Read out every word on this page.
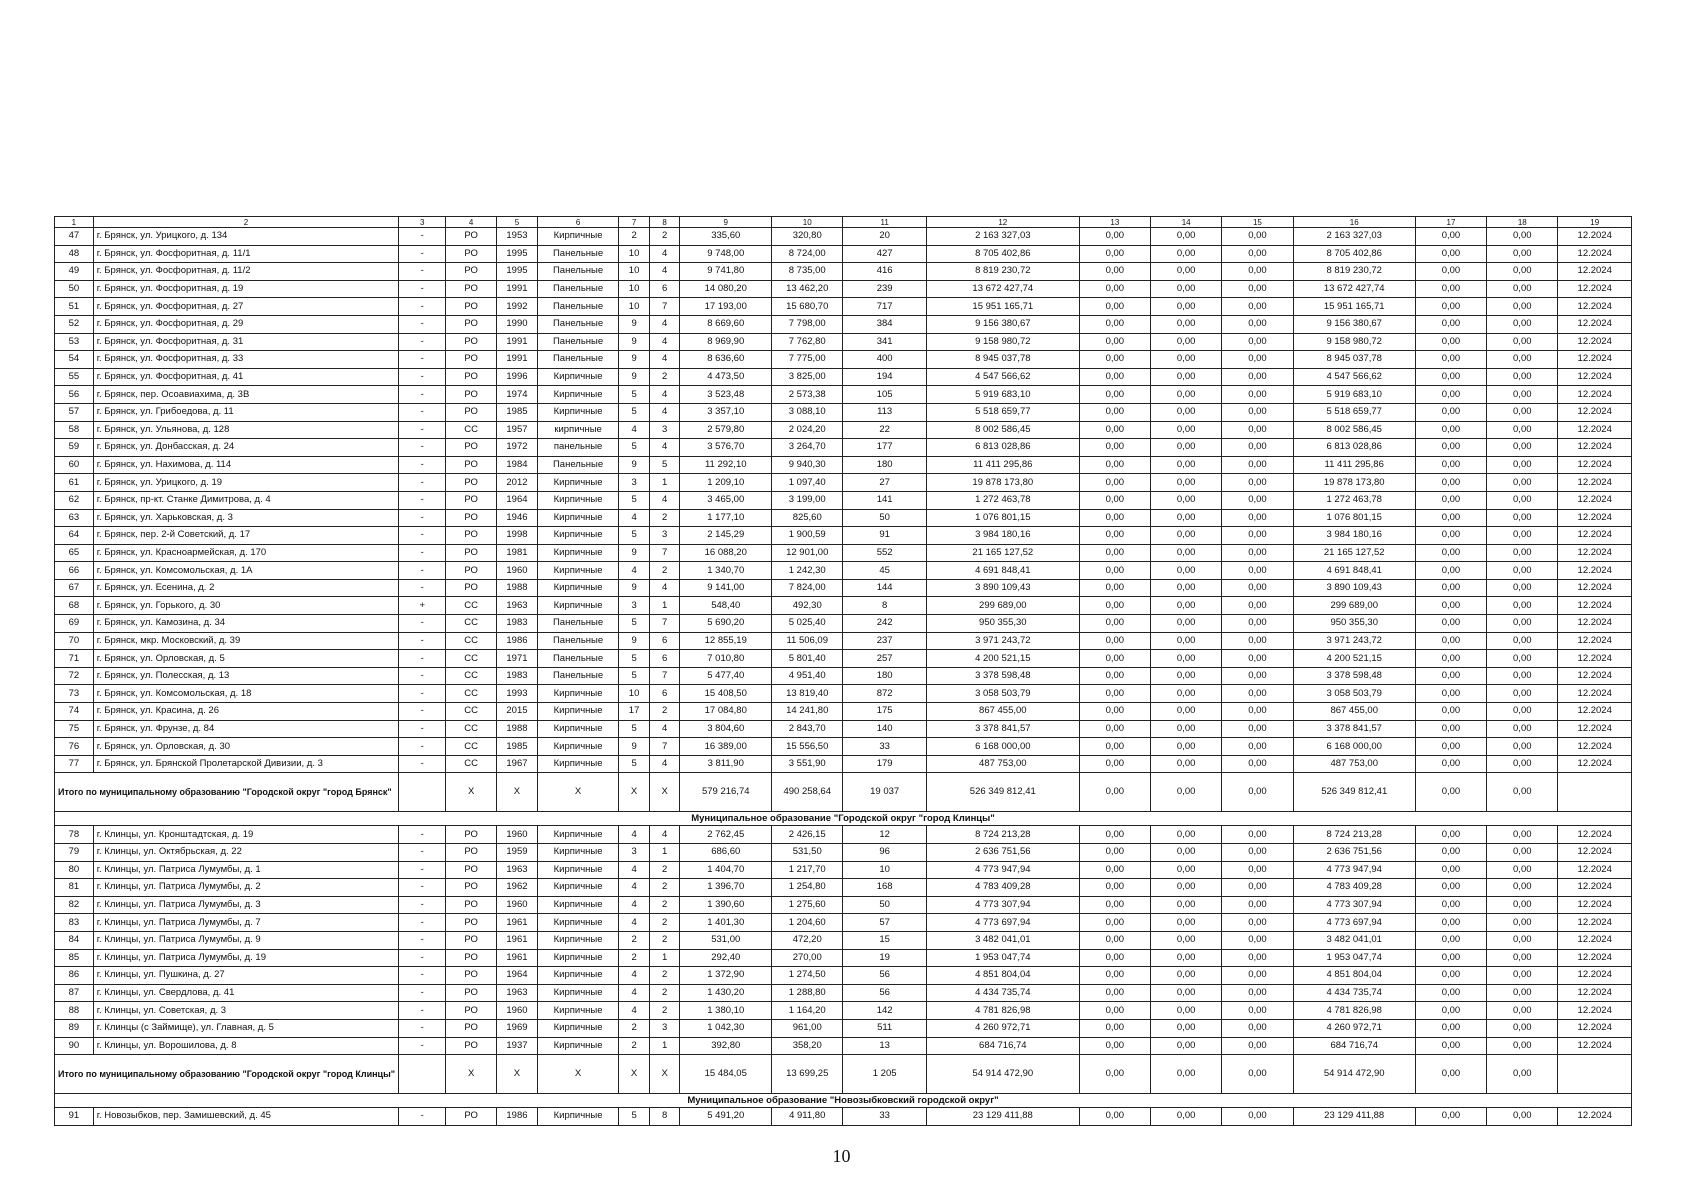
1	2	3	4	5	6	7	8	9	10	11	12	13	14	15	16	17	18	19
47	г. Брянск, ул. Урицкого, д. 134	-	РО	1953	Кирпичные	2	2	335,60	320,80	20	2 163 327,03	0,00	0,00	0,00	2 163 327,03	0,00	0,00	12.2024
48	г. Брянск, ул. Фосфоритная, д. 11/1	-	РО	1995	Панельные	10	4	9 748,00	8 724,00	427	8 705 402,86	0,00	0,00	0,00	8 705 402,86	0,00	0,00	12.2024
49	г. Брянск, ул. Фосфоритная, д. 11/2	-	РО	1995	Панельные	10	4	9 741,80	8 735,00	416	8 819 230,72	0,00	0,00	0,00	8 819 230,72	0,00	0,00	12.2024
50	г. Брянск, ул. Фосфоритная, д. 19	-	РО	1991	Панельные	10	6	14 080,20	13 462,20	239	13 672 427,74	0,00	0,00	0,00	13 672 427,74	0,00	0,00	12.2024
51	г. Брянск, ул. Фосфоритная, д. 27	-	РО	1992	Панельные	10	7	17 193,00	15 680,70	717	15 951 165,71	0,00	0,00	0,00	15 951 165,71	0,00	0,00	12.2024
52	г. Брянск, ул. Фосфоритная, д. 29	-	РО	1990	Панельные	9	4	8 669,60	7 798,00	384	9 156 380,67	0,00	0,00	0,00	9 156 380,67	0,00	0,00	12.2024
53	г. Брянск, ул. Фосфоритная, д. 31	-	РО	1991	Панельные	9	4	8 969,90	7 762,80	341	9 158 980,72	0,00	0,00	0,00	9 158 980,72	0,00	0,00	12.2024
54	г. Брянск, ул. Фосфоритная, д. 33	-	РО	1991	Панельные	9	4	8 636,60	7 775,00	400	8 945 037,78	0,00	0,00	0,00	8 945 037,78	0,00	0,00	12.2024
55	г. Брянск, ул. Фосфоритная, д. 41	-	РО	1996	Кирпичные	9	2	4 473,50	3 825,00	194	4 547 566,62	0,00	0,00	0,00	4 547 566,62	0,00	0,00	12.2024
56	г. Брянск, пер. Осоавиахима, д. 3В	-	РО	1974	Кирпичные	5	4	3 523,48	2 573,38	105	5 919 683,10	0,00	0,00	0,00	5 919 683,10	0,00	0,00	12.2024
57	г. Брянск, ул. Грибоедова, д. 11	-	РО	1985	Кирпичные	5	4	3 357,10	3 088,10	113	5 518 659,77	0,00	0,00	0,00	5 518 659,77	0,00	0,00	12.2024
58	г. Брянск, ул. Ульянова, д. 128	-	СС	1957	кирпичные	4	3	2 579,80	2 024,20	22	8 002 586,45	0,00	0,00	0,00	8 002 586,45	0,00	0,00	12.2024
59	г. Брянск, ул. Донбасская, д. 24	-	РО	1972	панельные	5	4	3 576,70	3 264,70	177	6 813 028,86	0,00	0,00	0,00	6 813 028,86	0,00	0,00	12.2024
60	г. Брянск, ул. Нахимова, д. 114	-	РО	1984	Панельные	9	5	11 292,10	9 940,30	180	11 411 295,86	0,00	0,00	0,00	11 411 295,86	0,00	0,00	12.2024
61	г. Брянск, ул. Урицкого, д. 19	-	РО	2012	Кирпичные	3	1	1 209,10	1 097,40	27	19 878 173,80	0,00	0,00	0,00	19 878 173,80	0,00	0,00	12.2024
62	г. Брянск, пр-кт. Станке Димитрова, д. 4	-	РО	1964	Кирпичные	5	4	3 465,00	3 199,00	141	1 272 463,78	0,00	0,00	0,00	1 272 463,78	0,00	0,00	12.2024
63	г. Брянск, ул. Харьковская, д. 3	-	РО	1946	Кирпичные	4	2	1 177,10	825,60	50	1 076 801,15	0,00	0,00	0,00	1 076 801,15	0,00	0,00	12.2024
64	г. Брянск, пер. 2-й Советский, д. 17	-	РО	1998	Кирпичные	5	3	2 145,29	1 900,59	91	3 984 180,16	0,00	0,00	0,00	3 984 180,16	0,00	0,00	12.2024
65	г. Брянск, ул. Красноармейская, д. 170	-	РО	1981	Кирпичные	9	7	16 088,20	12 901,00	552	21 165 127,52	0,00	0,00	0,00	21 165 127,52	0,00	0,00	12.2024
66	г. Брянск, ул. Комсомольская, д. 1А	-	РО	1960	Кирпичные	4	2	1 340,70	1 242,30	45	4 691 848,41	0,00	0,00	0,00	4 691 848,41	0,00	0,00	12.2024
67	г. Брянск, ул. Есенина, д. 2	-	РО	1988	Кирпичные	9	4	9 141,00	7 824,00	144	3 890 109,43	0,00	0,00	0,00	3 890 109,43	0,00	0,00	12.2024
68	г. Брянск, ул. Горького, д. 30	+	СС	1963	Кирпичные	3	1	548,40	492,30	8	299 689,00	0,00	0,00	0,00	299 689,00	0,00	0,00	12.2024
69	г. Брянск, ул. Камозина, д. 34	-	СС	1983	Панельные	5	7	5 690,20	5 025,40	242	950 355,30	0,00	0,00	0,00	950 355,30	0,00	0,00	12.2024
70	г. Брянск, мкр. Московский, д. 39	-	СС	1986	Панельные	9	6	12 855,19	11 506,09	237	3 971 243,72	0,00	0,00	0,00	3 971 243,72	0,00	0,00	12.2024
71	г. Брянск, ул. Орловская, д. 5	-	СС	1971	Панельные	5	6	7 010,80	5 801,40	257	4 200 521,15	0,00	0,00	0,00	4 200 521,15	0,00	0,00	12.2024
72	г. Брянск, ул. Полесская, д. 13	-	СС	1983	Панельные	5	7	5 477,40	4 951,40	180	3 378 598,48	0,00	0,00	0,00	3 378 598,48	0,00	0,00	12.2024
73	г. Брянск, ул. Комсомольская, д. 18	-	СС	1993	Кирпичные	10	6	15 408,50	13 819,40	872	3 058 503,79	0,00	0,00	0,00	3 058 503,79	0,00	0,00	12.2024
74	г. Брянск, ул. Красина, д. 26	-	СС	2015	Кирпичные	17	2	17 084,80	14 241,80	175	867 455,00	0,00	0,00	0,00	867 455,00	0,00	0,00	12.2024
75	г. Брянск, ул. Фрунзе, д. 84	-	СС	1988	Кирпичные	5	4	3 804,60	2 843,70	140	3 378 841,57	0,00	0,00	0,00	3 378 841,57	0,00	0,00	12.2024
76	г. Брянск, ул. Орловская, д. 30	-	СС	1985	Кирпичные	9	7	16 389,00	15 556,50	33	6 168 000,00	0,00	0,00	0,00	6 168 000,00	0,00	0,00	12.2024
77	г. Брянск, ул. Брянской Пролетарской Дивизии, д. 3	-	СС	1967	Кирпичные	5	4	3 811,90	3 551,90	179	487 753,00	0,00	0,00	0,00	487 753,00	0,00	0,00	12.2024
Итого по муниципальному образованию "Городской округ "город Брянск"			Х	Х	Х	Х	Х	579 216,74	490 258,64	19 037	526 349 812,41	0,00	0,00	0,00	526 349 812,41	0,00	0,00	
Муниципальное образование "Городской округ "город Клинцы"																		
78	г. Клинцы, ул. Кронштадтская, д. 19	-	РО	1960	Кирпичные	4	4	2 762,45	2 426,15	12	8 724 213,28	0,00	0,00	0,00	8 724 213,28	0,00	0,00	12.2024
79	г. Клинцы, ул. Октябрьская, д. 22	-	РО	1959	Кирпичные	3	1	686,60	531,50	96	2 636 751,56	0,00	0,00	0,00	2 636 751,56	0,00	0,00	12.2024
80	г. Клинцы, ул. Патриса Лумумбы, д. 1	-	РО	1963	Кирпичные	4	2	1 404,70	1 217,70	10	4 773 947,94	0,00	0,00	0,00	4 773 947,94	0,00	0,00	12.2024
81	г. Клинцы, ул. Патриса Лумумбы, д. 2	-	РО	1962	Кирпичные	4	2	1 396,70	1 254,80	168	4 783 409,28	0,00	0,00	0,00	4 783 409,28	0,00	0,00	12.2024
82	г. Клинцы, ул. Патриса Лумумбы, д. 3	-	РО	1960	Кирпичные	4	2	1 390,60	1 275,60	50	4 773 307,94	0,00	0,00	0,00	4 773 307,94	0,00	0,00	12.2024
83	г. Клинцы, ул. Патриса Лумумбы, д. 7	-	РО	1961	Кирпичные	4	2	1 401,30	1 204,60	57	4 773 697,94	0,00	0,00	0,00	4 773 697,94	0,00	0,00	12.2024
84	г. Клинцы, ул. Патриса Лумумбы, д. 9	-	РО	1961	Кирпичные	2	2	531,00	472,20	15	3 482 041,01	0,00	0,00	0,00	3 482 041,01	0,00	0,00	12.2024
85	г. Клинцы, ул. Патриса Лумумбы, д. 19	-	РО	1961	Кирпичные	2	1	292,40	270,00	19	1 953 047,74	0,00	0,00	0,00	1 953 047,74	0,00	0,00	12.2024
86	г. Клинцы, ул. Пушкина, д. 27	-	РО	1964	Кирпичные	4	2	1 372,90	1 274,50	56	4 851 804,04	0,00	0,00	0,00	4 851 804,04	0,00	0,00	12.2024
87	г. Клинцы, ул. Свердлова, д. 41	-	РО	1963	Кирпичные	4	2	1 430,20	1 288,80	56	4 434 735,74	0,00	0,00	0,00	4 434 735,74	0,00	0,00	12.2024
88	г. Клинцы, ул. Советская, д. 3	-	РО	1960	Кирпичные	4	2	1 380,10	1 164,20	142	4 781 826,98	0,00	0,00	0,00	4 781 826,98	0,00	0,00	12.2024
89	г. Клинцы (с Займище), ул. Главная, д. 5	-	РО	1969	Кирпичные	2	3	1 042,30	961,00	511	4 260 972,71	0,00	0,00	0,00	4 260 972,71	0,00	0,00	12.2024
90	г. Клинцы, ул. Ворошилова, д. 8	-	РО	1937	Кирпичные	2	1	392,80	358,20	13	684 716,74	0,00	0,00	0,00	684 716,74	0,00	0,00	12.2024
Итого по муниципальному образованию "Городской округ "город Клинцы"			Х	Х	Х	Х	Х	15 484,05	13 699,25	1 205	54 914 472,90	0,00	0,00	0,00	54 914 472,90	0,00	0,00	
Муниципальное образование "Новозыбковский городской округ"																		
91	г. Новозыбков, пер. Замишевский, д. 45	-	РО	1986	Кирпичные	5	8	5 491,20	4 911,80	33	23 129 411,88	0,00	0,00	0,00	23 129 411,88	0,00	0,00	12.2024
10
